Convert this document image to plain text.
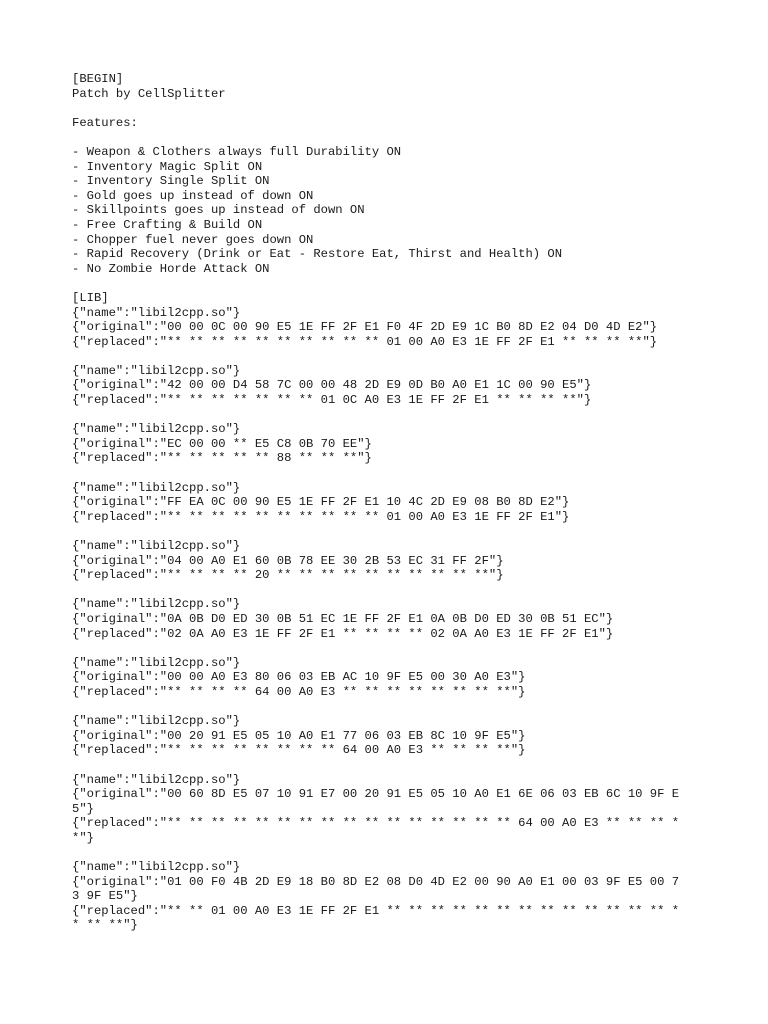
[BEGIN]
Patch by CellSplitter
Features:
- Weapon & Clothers always full Durability ON
- Inventory Magic Split ON
- Inventory Single Split ON
- Gold goes up instead of down ON
- Skillpoints goes up instead of down ON
- Free Crafting & Build ON
- Chopper fuel never goes down ON
- Rapid Recovery (Drink or Eat - Restore Eat, Thirst and Health) ON
- No Zombie Horde Attack ON
[LIB]
{"name":"libil2cpp.so"}
{"original":"00 00 0C 00 90 E5 1E FF 2F E1 F0 4F 2D E9 1C B0 8D E2 04 D0 4D E2"}
{"replaced":"** ** ** ** ** ** ** ** ** ** 01 00 A0 E3 1E FF 2F E1 ** ** ** **"}
{"name":"libil2cpp.so"}
{"original":"42 00 00 D4 58 7C 00 00 48 2D E9 0D B0 A0 E1 1C 00 90 E5"}
{"replaced":"** ** ** ** ** ** ** 01 0C A0 E3 1E FF 2F E1 ** ** ** **"}
{"name":"libil2cpp.so"}
{"original":"EC 00 00 ** E5 C8 0B 70 EE"}
{"replaced":"** ** ** ** ** 88 ** ** **"}
{"name":"libil2cpp.so"}
{"original":"FF EA 0C 00 90 E5 1E FF 2F E1 10 4C 2D E9 08 B0 8D E2"}
{"replaced":"** ** ** ** ** ** ** ** ** ** 01 00 A0 E3 1E FF 2F E1"}
{"name":"libil2cpp.so"}
{"original":"04 00 A0 E1 60 0B 78 EE 30 2B 53 EC 31 FF 2F"}
{"replaced":"** ** ** ** 20 ** ** ** ** ** ** ** ** ** **"}
{"name":"libil2cpp.so"}
{"original":"0A 0B D0 ED 30 0B 51 EC 1E FF 2F E1 0A 0B D0 ED 30 0B 51 EC"}
{"replaced":"02 0A A0 E3 1E FF 2F E1 ** ** ** ** 02 0A A0 E3 1E FF 2F E1"}
{"name":"libil2cpp.so"}
{"original":"00 00 A0 E3 80 06 03 EB AC 10 9F E5 00 30 A0 E3"}
{"replaced":"** ** ** ** 64 00 A0 E3 ** ** ** ** ** ** ** **"}
{"name":"libil2cpp.so"}
{"original":"00 20 91 E5 05 10 A0 E1 77 06 03 EB 8C 10 9F E5"}
{"replaced":"** ** ** ** ** ** ** ** 64 00 A0 E3 ** ** ** **"}
{"name":"libil2cpp.so"}
{"original":"00 60 8D E5 07 10 91 E7 00 20 91 E5 05 10 A0 E1 6E 06 03 EB 6C 10 9F E5"}
{"replaced":"** ** ** ** ** ** ** ** ** ** ** ** ** ** ** ** 64 00 A0 E3 ** ** ** **"}
{"name":"libil2cpp.so"}
{"original":"01 00 F0 4B 2D E9 18 B0 8D E2 08 D0 4D E2 00 90 A0 E1 00 03 9F E5 00 73 9F E5"}
{"replaced":"** ** 01 00 A0 E3 1E FF 2F E1 ** ** ** ** ** ** ** ** ** ** ** ** ** ** ** **"}
